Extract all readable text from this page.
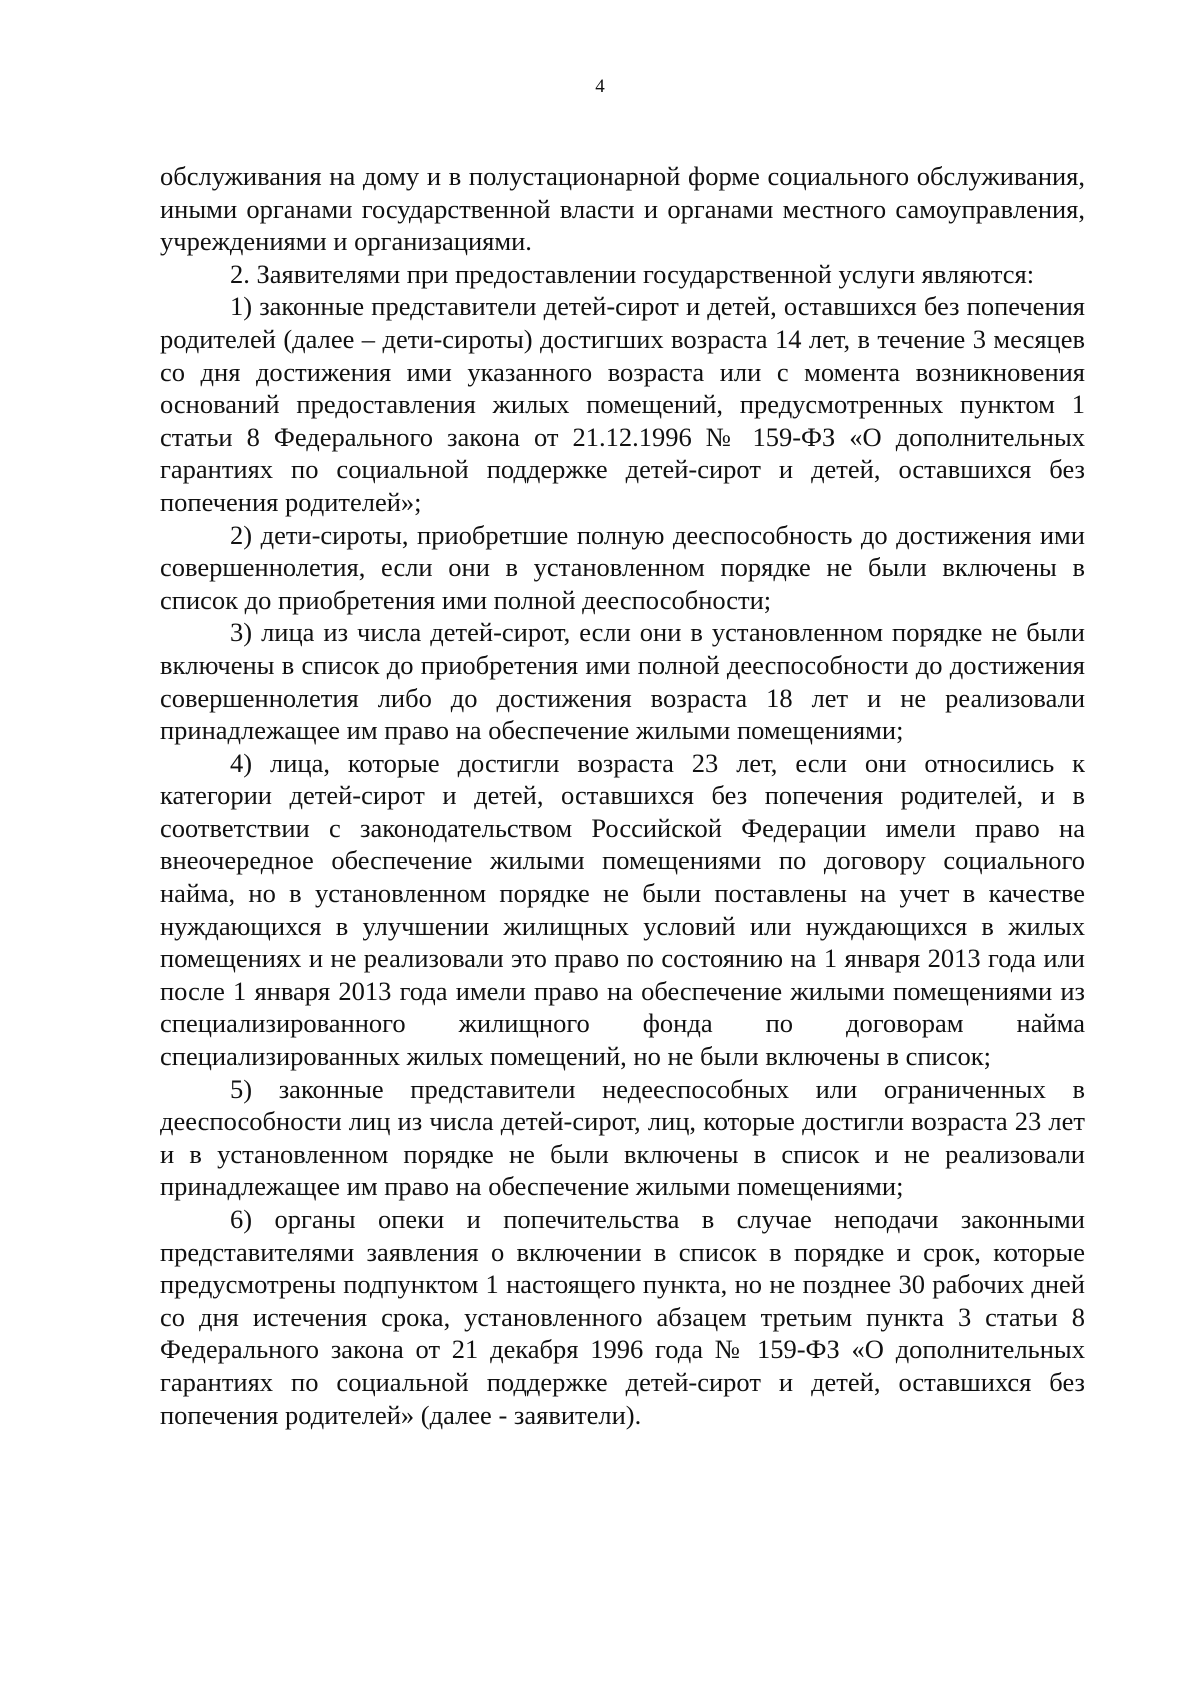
4

обслуживания на дому и в полустационарной форме социального обслуживания, иными органами государственной власти и органами местного самоуправления, учреждениями и организациями.

2. Заявителями при предоставлении государственной услуги являются:

1) законные представители детей-сирот и детей, оставшихся без попечения родителей (далее – дети-сироты) достигших возраста 14 лет, в течение 3 месяцев со дня достижения ими указанного возраста или с момента возникновения оснований предоставления жилых помещений, предусмотренных пунктом 1 статьи 8 Федерального закона от 21.12.1996 № 159-ФЗ «О дополнительных гарантиях по социальной поддержке детей-сирот и детей, оставшихся без попечения родителей»;

2) дети-сироты, приобретшие полную дееспособность до достижения ими совершеннолетия, если они в установленном порядке не были включены в список до приобретения ими полной дееспособности;

3) лица из числа детей-сирот, если они в установленном порядке не были включены в список до приобретения ими полной дееспособности до достижения совершеннолетия либо до достижения возраста 18 лет и не реализовали принадлежащее им право на обеспечение жилыми помещениями;

4) лица, которые достигли возраста 23 лет, если они относились к категории детей-сирот и детей, оставшихся без попечения родителей, и в соответствии с законодательством Российской Федерации имели право на внеочередное обеспечение жилыми помещениями по договору социального найма, но в установленном порядке не были поставлены на учет в качестве нуждающихся в улучшении жилищных условий или нуждающихся в жилых помещениях и не реализовали это право по состоянию на 1 января 2013 года или после 1 января 2013 года имели право на обеспечение жилыми помещениями из специализированного жилищного фонда по договорам найма специализированных жилых помещений, но не были включены в список;

5) законные представители недееспособных или ограниченных в дееспособности лиц из числа детей-сирот, лиц, которые достигли возраста 23 лет и в установленном порядке не были включены в список и не реализовали принадлежащее им право на обеспечение жилыми помещениями;

6) органы опеки и попечительства в случае неподачи законными представителями заявления о включении в список в порядке и срок, которые предусмотрены подпунктом 1 настоящего пункта, но не позднее 30 рабочих дней со дня истечения срока, установленного абзацем третьим пункта 3 статьи 8 Федерального закона от 21 декабря 1996 года № 159-ФЗ «О дополнительных гарантиях по социальной поддержке детей-сирот и детей, оставшихся без попечения родителей» (далее - заявители).
